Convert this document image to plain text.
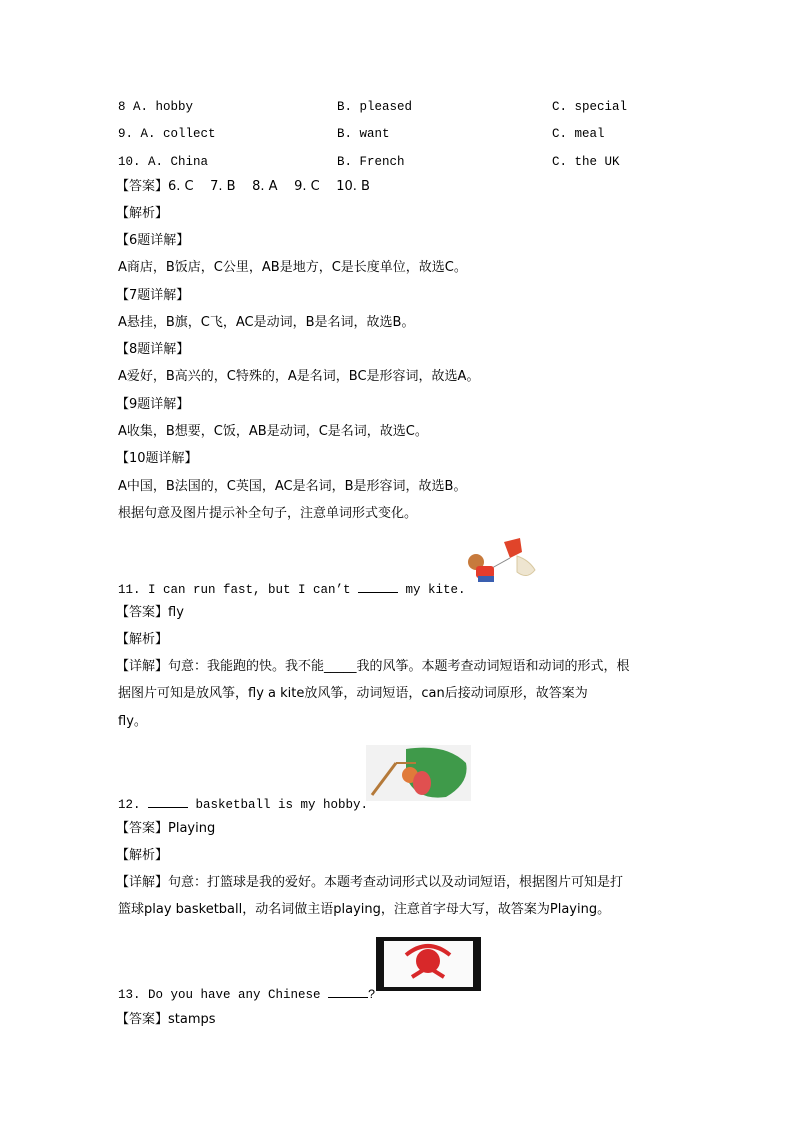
8 A. hobby	B. pleased	C. special
9. A. collect	B. want	C. meal
10. A. China	B. French	C. the UK
【答案】6. C    7. B    8. A    9. C    10. B
【解析】
【6题详解】
A商店，B饭店，C公里，AB是地方，C是长度单位，故选C。
【7题详解】
A悬挂，B旗，C飞，AC是动词，B是名词，故选B。
【8题详解】
A爱好，B高兴的，C特殊的，A是名词，BC是形容词，故选A。
【9题详解】
A收集，B想要，C饭，AB是动词，C是名词，故选C。
【10题详解】
A中国，B法国的，C英国，AC是名词，B是形容词，故选B。
根据句意及图片提示补全句子，注意单词形式变化。
11. I can run fast, but I can’t	my kite.
【答案】fly
【解析】
【详解】句意：我能跑的快。我不能_____我的风筝。本题考查动词短语和动词的形式，根
据图片可知是放风筝，fly a kite放风筝，动词短语，can后接动词原形，故答案为
fly。
12.	basketball is my hobby.
【答案】Playing
【解析】
【详解】句意：打篮球是我的爱好。本题考查动词形式以及动词短语，根据图片可知是打
篮球play basketball，动名词做主语playing，注意首字母大写，故答案为Playing。
13. Do you have any Chinese	?
【答案】stamps
